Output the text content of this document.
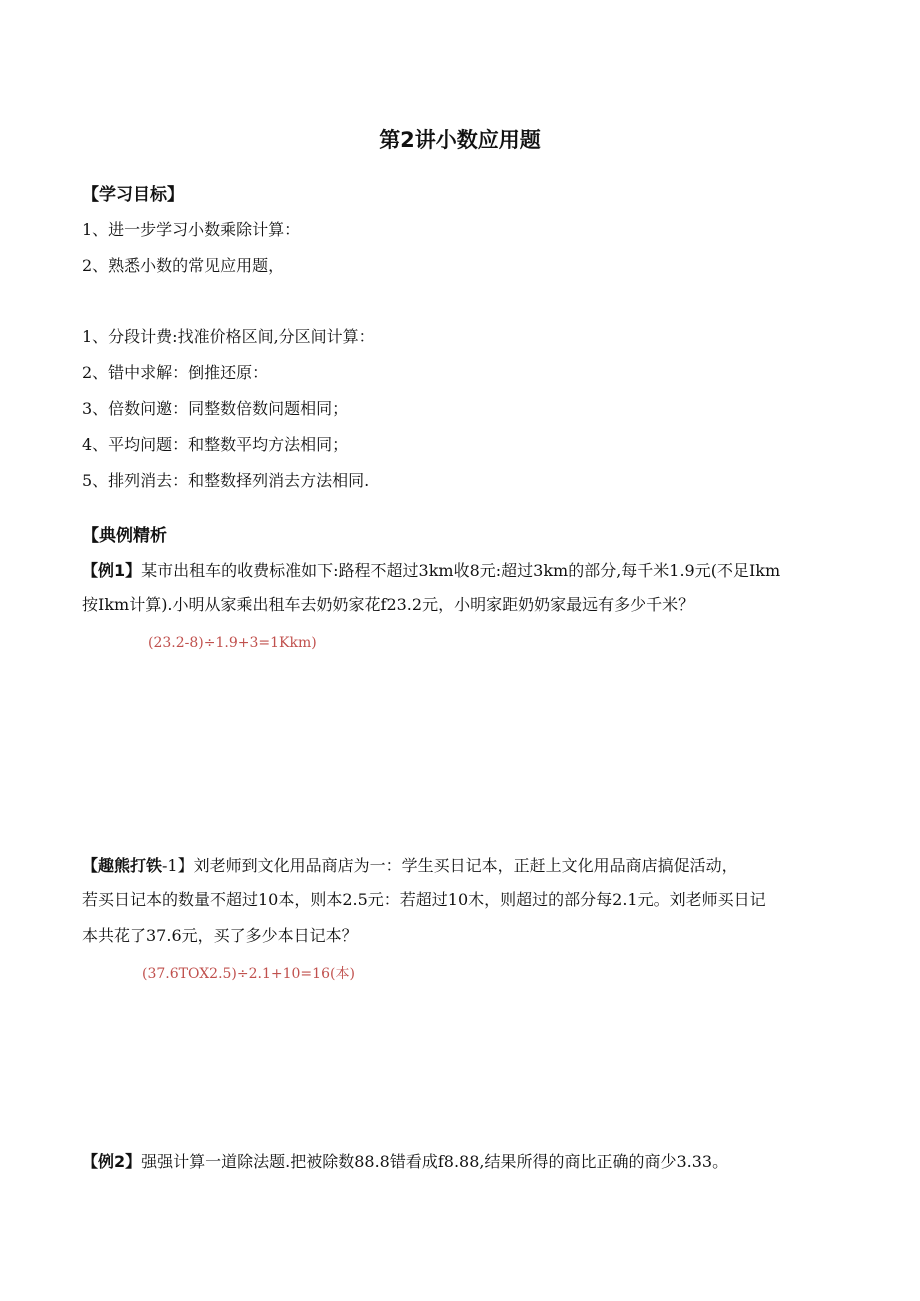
第2讲小数应用题
【学习目标】
1、进一步学习小数乘除计算：
2、熟悉小数的常见应用题，
1、分段计费:找准价格区间,分区间计算：
2、错中求解：倒推还原：
3、倍数问邀：同整数倍数问题相同；
4、平均问题：和整数平均方法相同；
5、排列消去：和整数择列消去方法相同.
【典例精析
【例1】某市出租车的收费标准如下:路程不超过3km收8元:超过3km的部分,每千米1.9元(不足Ikm
按Ikm计算).小明从家乘出租车去奶奶家花f23.2元，小明家距奶奶家最远有多少千米？
(23.2-8)÷1.9+3=1Kkm)
【趣熊打铁-1】刘老师到文化用品商店为一：学生买日记本，正赶上文化用品商店搞促活动，
若买日记本的数量不超过10本，则本2.5元：若超过10木，则超过的部分每2.1元。刘老师买日记
本共花了37.6元，买了多少本日记本？
(37.6TOX2.5)÷2.1+10=16(本)
【例2】强强计算一道除法题.把被除数88.8错看成f8.88,结果所得的商比正确的商少3.33。
